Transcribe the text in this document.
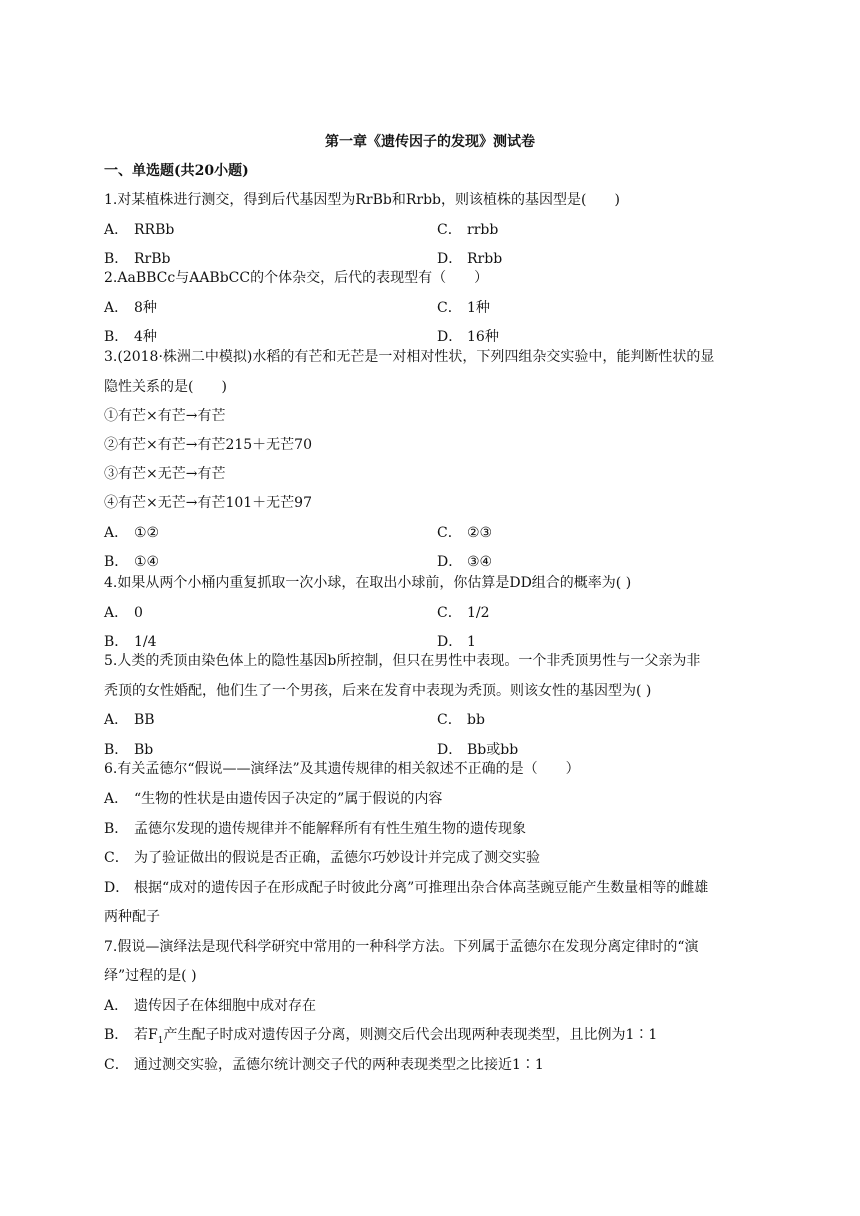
第一章《遗传因子的发现》测试卷
一、单选题(共20小题)
1.对某植株进行测交，得到后代基因型为RrBb和Rrbb，则该植株的基因型是(　　)
A． RRBb	C． rrbb
B． RrBb	D． Rrbb
2.AaBBCc与AABbCC的个体杂交，后代的表现型有（　　）
A． 8种	C． 1种
B． 4种	D． 16种
3.(2018·株洲二中模拟)水稻的有芒和无芒是一对相对性状，下列四组杂交实验中，能判断性状的显
隐性关系的是(　　)
①有芒×有芒→有芒
②有芒×有芒→有芒215＋无芒70
③有芒×无芒→有芒
④有芒×无芒→有芒101＋无芒97
A． ①②	C． ②③
B． ①④	D． ③④
4.如果从两个小桶内重复抓取一次小球，在取出小球前，你估算是DD组合的概率为( )
A． 0	C． 1/2
B． 1/4	D． 1
5.人类的秃顶由染色体上的隐性基因b所控制，但只在男性中表现。一个非秃顶男性与一父亲为非
秃顶的女性婚配，他们生了一个男孩，后来在发育中表现为秃顶。则该女性的基因型为( )
A． BB	C． bb
B． Bb	D． Bb或bb
6.有关孟德尔“假说——演绎法”及其遗传规律的相关叙述不正确的是（　　）
A． “生物的性状是由遗传因子决定的”属于假说的内容
B． 孟德尔发现的遗传规律并不能解释所有有性生殖生物的遗传现象
C． 为了验证做出的假说是否正确，孟德尔巧妙设计并完成了测交实验
D． 根据“成对的遗传因子在形成配子时彼此分离”可推理出杂合体高茎豌豆能产生数量相等的雌雄
两种配子
7.假说—演绎法是现代科学研究中常用的一种科学方法。下列属于孟德尔在发现分离定律时的“演
绎”过程的是( )
A． 遗传因子在体细胞中成对存在
B． 若$F_1$产生配子时成对遗传因子分离，则测交后代会出现两种表现类型，且比例为1∶1
C． 通过测交实验，孟德尔统计测交子代的两种表现类型之比接近1∶1
